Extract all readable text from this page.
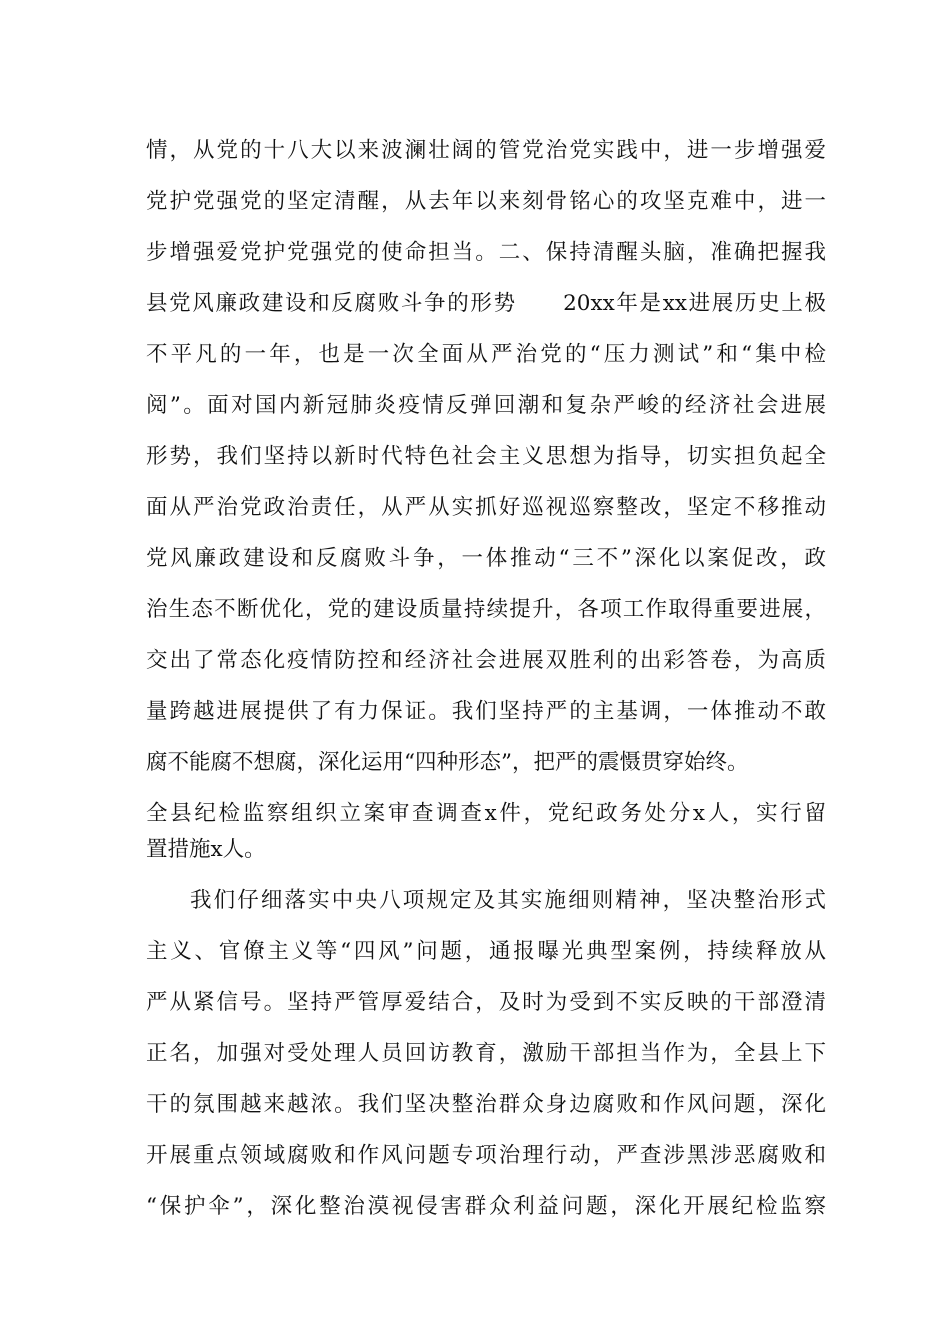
情，从党的十八大以来波澜壮阔的管党治党实践中，进一步增强爱
党护党强党的坚定清醒，从去年以来刻骨铭心的攻坚克难中，进一
步增强爱党护党强党的使命担当。二、保持清醒头脑，准确把握我
县党风廉政建设和反腐败斗争的形势　　20xx年是xx进展历史上极
不平凡的一年，也是一次全面从严治党的“压力测试”和“集中检
阅”。面对国内新冠肺炎疫情反弹回潮和复杂严峻的经济社会进展
形势，我们坚持以新时代特色社会主义思想为指导，切实担负起全
面从严治党政治责任，从严从实抓好巡视巡察整改，坚定不移推动
党风廉政建设和反腐败斗争，一体推动“三不”深化以案促改，政
治生态不断优化，党的建设质量持续提升，各项工作取得重要进展，
交出了常态化疫情防控和经济社会进展双胜利的出彩答卷，为高质
量跨越进展提供了有力保证。我们坚持严的主基调，一体推动不敢
腐不能腐不想腐，深化运用“四种形态”，把严的震慑贯穿始终。
全县纪检监察组织立案审查调查x件，党纪政务处分x人，实行留
置措施x人。
我们仔细落实中央八项规定及其实施细则精神，坚决整治形式
主义、官僚主义等“四风”问题，通报曝光典型案例，持续释放从
严从紧信号。坚持严管厚爱结合，及时为受到不实反映的干部澄清
正名，加强对受处理人员回访教育，激励干部担当作为，全县上下
干的氛围越来越浓。我们坚决整治群众身边腐败和作风问题，深化
开展重点领域腐败和作风问题专项治理行动，严查涉黑涉恶腐败和
“保护伞”，深化整治漠视侵害群众利益问题，深化开展纪检监察
